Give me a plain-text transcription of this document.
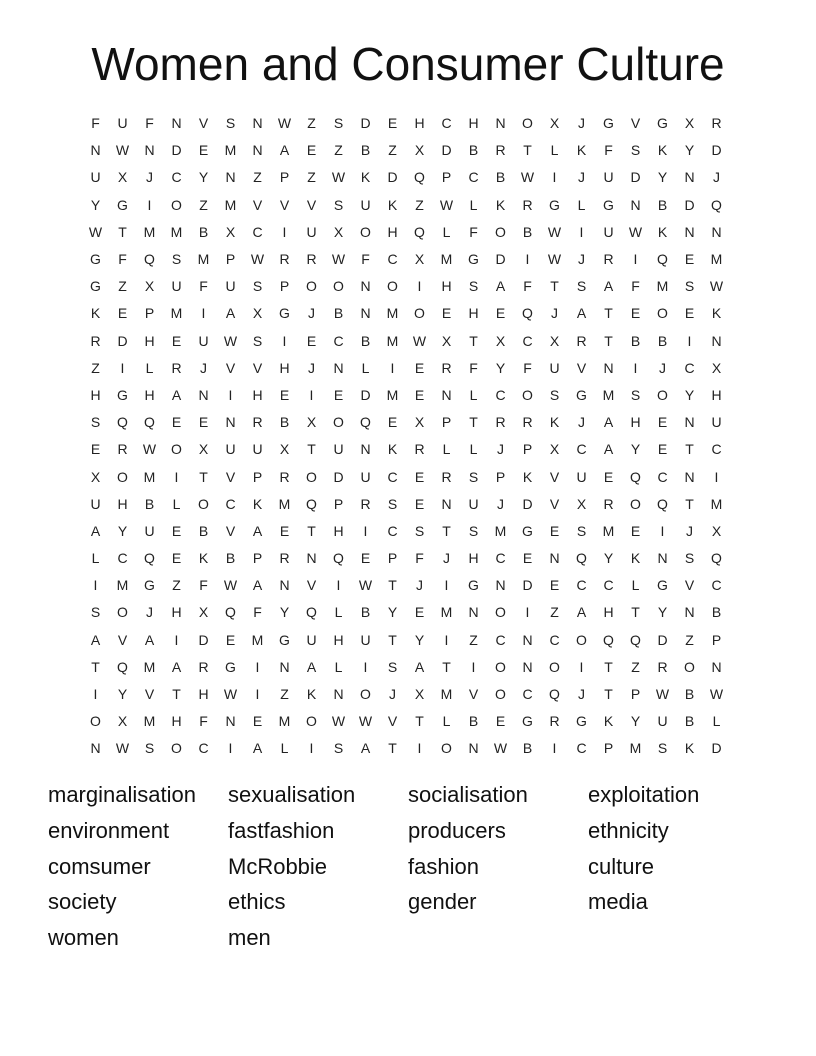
Women and Consumer Culture
F	U	F	N	V	S	N	W	Z	S	D	E	H	C	H	N	O	X	J	G	V	G	X	R
N	W	N	D	E	M	N	A	E	Z	B	Z	X	D	B	R	T	L	K	F	S	K	Y	D
U	X	J	C	Y	N	Z	P	Z	W	K	D	Q	P	C	B	W	I	J	U	D	Y	N	J
Y	G	I	O	Z	M	V	V	V	S	U	K	Z	W	L	K	R	G	L	G	N	B	D	Q
W	T	M	M	B	X	C	I	U	X	O	H	Q	L	F	O	B	W	I	U	W	K	N	N
G	F	Q	S	M	P	W	R	R	W	F	C	X	M	G	D	I	W	J	R	I	Q	E	M
G	Z	X	U	F	U	S	P	O	O	N	O	I	H	S	A	F	T	S	A	F	M	S	W
K	E	P	M	I	A	X	G	J	B	N	M	O	E	H	E	Q	J	A	T	E	O	E	K
R	D	H	E	U	W	S	I	E	C	B	M	W	X	T	X	C	X	R	T	B	B	I	N
Z	I	L	R	J	V	V	H	J	N	L	I	E	R	F	Y	F	U	V	N	I	J	C	X
H	G	H	A	N	I	H	E	I	E	D	M	E	N	L	C	O	S	G	M	S	O	Y	H
S	Q	Q	E	E	N	R	B	X	O	Q	E	X	P	T	R	R	K	J	A	H	E	N	U
E	R	W	O	X	U	U	X	T	U	N	K	R	L	L	J	P	X	C	A	Y	E	T	C
X	O	M	I	T	V	P	R	O	D	U	C	E	R	S	P	K	V	U	E	Q	C	N	I
U	H	B	L	O	C	K	M	Q	P	R	S	E	N	U	J	D	V	X	R	O	Q	T	M
A	Y	U	E	B	V	A	E	T	H	I	C	S	T	S	M	G	E	S	M	E	I	J	X
L	C	Q	E	K	B	P	R	N	Q	E	P	F	J	H	C	E	N	Q	Y	K	N	S	Q
I	M	G	Z	F	W	A	N	V	I	W	T	J	I	G	N	D	E	C	C	L	G	V	C
S	O	J	H	X	Q	F	Y	Q	L	B	Y	E	M	N	O	I	Z	A	H	T	Y	N	B
A	V	A	I	D	E	M	G	U	H	U	T	Y	I	Z	C	N	C	O	Q	Q	D	Z	P
T	Q	M	A	R	G	I	N	A	L	I	S	A	T	I	O	N	O	I	T	Z	R	O	N
I	Y	V	T	H	W	I	Z	K	N	O	J	X	M	V	O	C	Q	J	T	P	W	B	W
O	X	M	H	F	N	E	M	O	W W	V	T	L	B	E	G	R	G	K	Y	U	B	L
N	W	S	O	C	I	A	L	I	S	A	T	I	O	N	W	B	I	C	P	M	S	K	D
marginalisation	sexualisation	socialisation	exploitation
environment	fastfashion	producers	ethnicity
comsumer	McRobbie	fashion	culture
society	ethics	gender	media
women	men
